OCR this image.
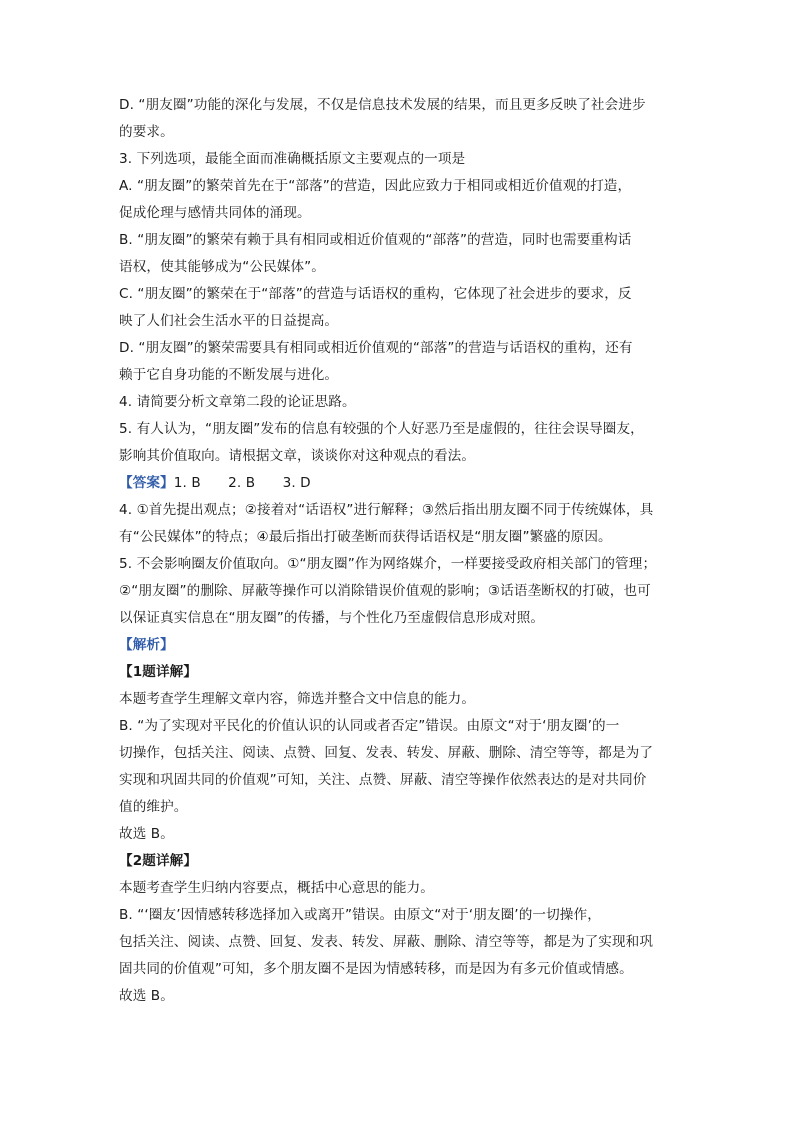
D. “朋友圈”功能的深化与发展，不仅是信息技术发展的结果，而且更多反映了社会进步
的要求。
3. 下列选项，最能全面而准确概括原文主要观点的一项是
A. “朋友圈”的繁荣首先在于“部落”的营造，因此应致力于相同或相近价值观的打造，
促成伦理与感情共同体的涌现。
B. “朋友圈”的繁荣有赖于具有相同或相近价值观的“部落”的营造，同时也需要重构话
语权，使其能够成为“公民媒体”。
C. “朋友圈”的繁荣在于“部落”的营造与话语权的重构，它体现了社会进步的要求，反
映了人们社会生活水平的日益提高。
D. “朋友圈”的繁荣需要具有相同或相近价值观的“部落”的营造与话语权的重构，还有
赖于它自身功能的不断发展与进化。
4. 请简要分析文章第二段的论证思路。
5. 有人认为，“朋友圈”发布的信息有较强的个人好恶乃至是虚假的，往往会误导圈友，
影响其价值取向。请根据文章，谈谈你对这种观点的看法。
【答案】1. B　　2. B　　3. D
4. ①首先提出观点；②接着对“话语权”进行解释；③然后指出朋友圈不同于传统媒体，具
有“公民媒体”的特点；④最后指出打破垄断而获得话语权是“朋友圈”繁盛的原因。
5. 不会影响圈友价值取向。①“朋友圈”作为网络媒介，一样要接受政府相关部门的管理；
②“朋友圈”的删除、屏蔽等操作可以消除错误价值观的影响；③话语垄断权的打破，也可
以保证真实信息在“朋友圈”的传播，与个性化乃至虚假信息形成对照。
【解析】
【1题详解】
本题考查学生理解文章内容，筛选并整合文中信息的能力。
B. “为了实现对平民化的价值认识的认同或者否定”错误。由原文“对于‘朋友圈’的一
切操作，包括关注、阅读、点赞、回复、发表、转发、屏蔽、删除、清空等等，都是为了
实现和巩固共同的价值观”可知，关注、点赞、屏蔽、清空等操作依然表达的是对共同价
值的维护。
故选 B。
【2题详解】
本题考查学生归纳内容要点，概括中心意思的能力。
B. “‘圈友’因情感转移选择加入或离开”错误。由原文“对于‘朋友圈’的一切操作，
包括关注、阅读、点赞、回复、发表、转发、屏蔽、删除、清空等等，都是为了实现和巩
固共同的价值观”可知，多个朋友圈不是因为情感转移，而是因为有多元价值或情感。
故选 B。
